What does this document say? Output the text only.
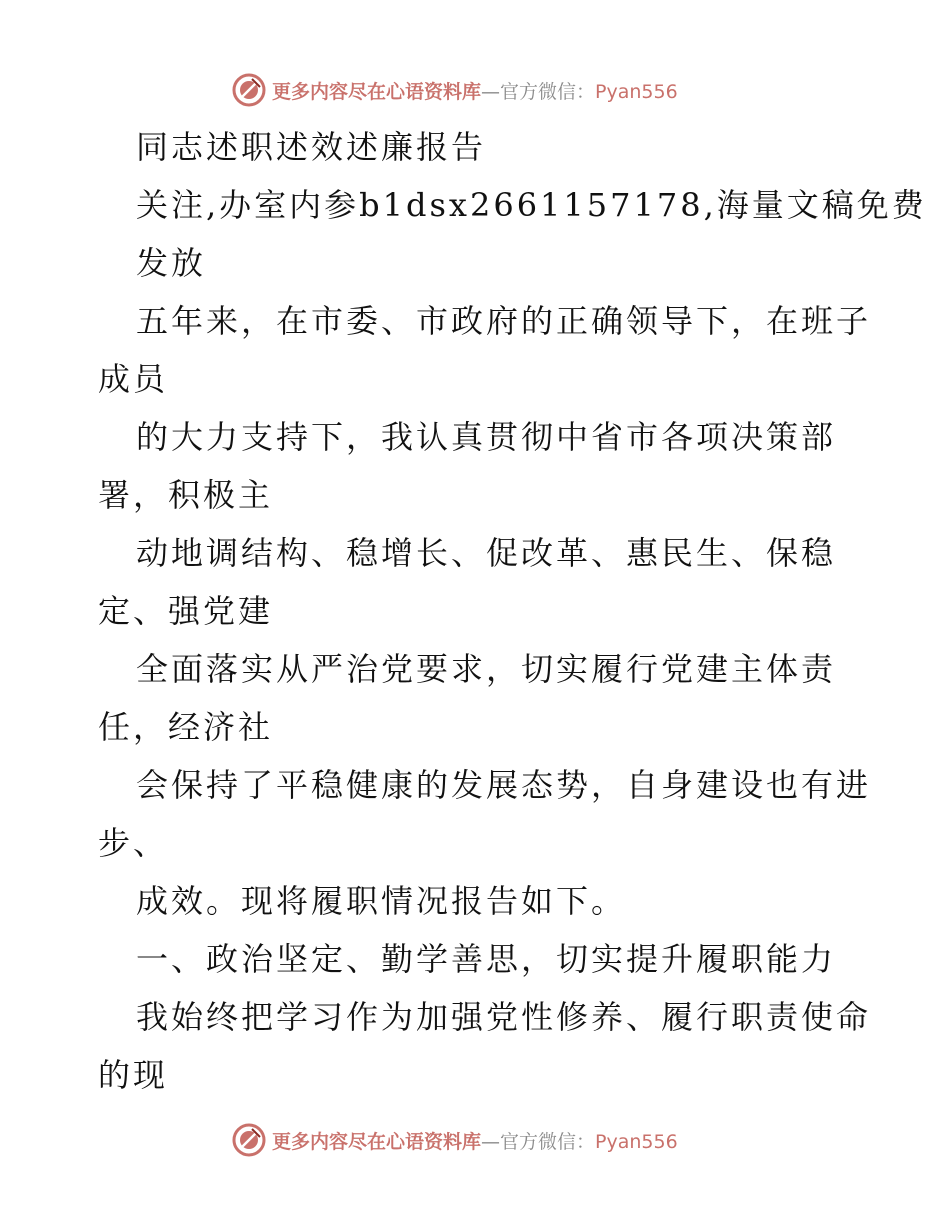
更多内容尽在心语资料库—官方微信：Pyan556
同志述职述效述廉报告
关注,办室内参b1dsx2661157178,海量文稿免费
发放
五年来，在市委、市政府的正确领导下，在班子
成员
的大力支持下，我认真贯彻中省市各项决策部
署，积极主
动地调结构、稳增长、促改革、惠民生、保稳
定、强党建
全面落实从严治党要求，切实履行党建主体责
任，经济社
会保持了平稳健康的发展态势，自身建设也有进
步、
成效。现将履职情况报告如下。
一、政治坚定、勤学善思，切实提升履职能力
我始终把学习作为加强党性修养、履行职责使命
的现
更多内容尽在心语资料库—官方微信：Pyan556
